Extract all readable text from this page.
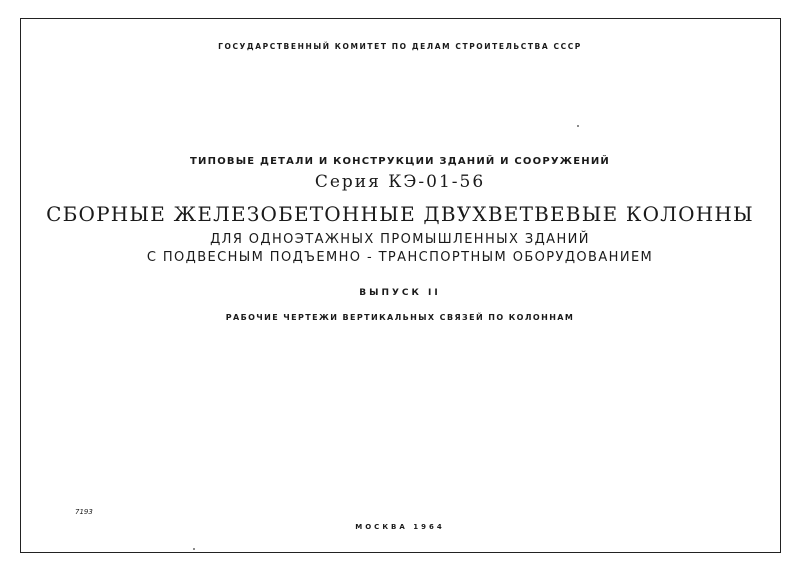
ГОСУДАРСТВЕННЫЙ КОМИТЕТ ПО ДЕЛАМ СТРОИТЕЛЬСТВА СССР
ТИПОВЫЕ ДЕТАЛИ И КОНСТРУКЦИИ ЗДАНИЙ И СООРУЖЕНИЙ
Серия КЭ-01-56
СБОРНЫЕ ЖЕЛЕЗОБЕТОННЫЕ ДВУХВЕТВЕВЫЕ КОЛОННЫ
ДЛЯ ОДНОЭТАЖНЫХ ПРОМЫШЛЕННЫХ ЗДАНИЙ
С ПОДВЕСНЫМ ПОДЪЕМНО - ТРАНСПОРТНЫМ ОБОРУДОВАНИЕМ
ВЫПУСК II
РАБОЧИЕ ЧЕРТЕЖИ ВЕРТИКАЛЬНЫХ СВЯЗЕЙ ПО КОЛОННАМ
7193
МОСКВА 1964
